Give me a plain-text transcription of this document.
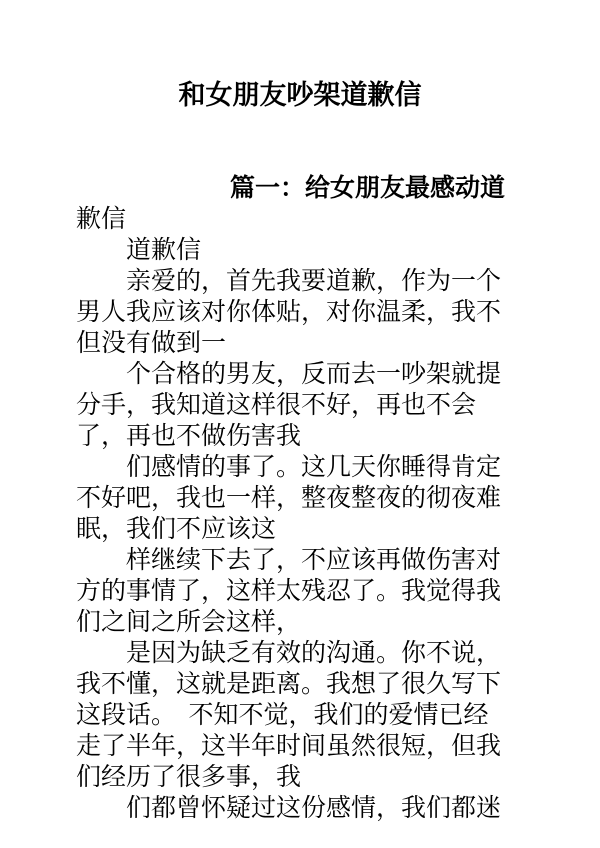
和女朋友吵架道歉信
篇一：给女朋友最感动道
歉信
道歉信
亲爱的，首先我要道歉，作为一个
男人我应该对你体贴，对你温柔，我不
但没有做到一
个合格的男友，反而去一吵架就提
分手，我知道这样很不好，再也不会
了，再也不做伤害我
们感情的事了。这几天你睡得肯定
不好吧，我也一样，整夜整夜的彻夜难
眠，我们不应该这
样继续下去了，不应该再做伤害对
方的事情了，这样太残忍了。我觉得我
们之间之所会这样，
是因为缺乏有效的沟通。你不说，
我不懂，这就是距离。我想了很久写下
这段话。　不知不觉，我们的爱情已经
走了半年，这半年时间虽然很短，但我
们经历了很多事，我
们都曾怀疑过这份感情，我们都迷
